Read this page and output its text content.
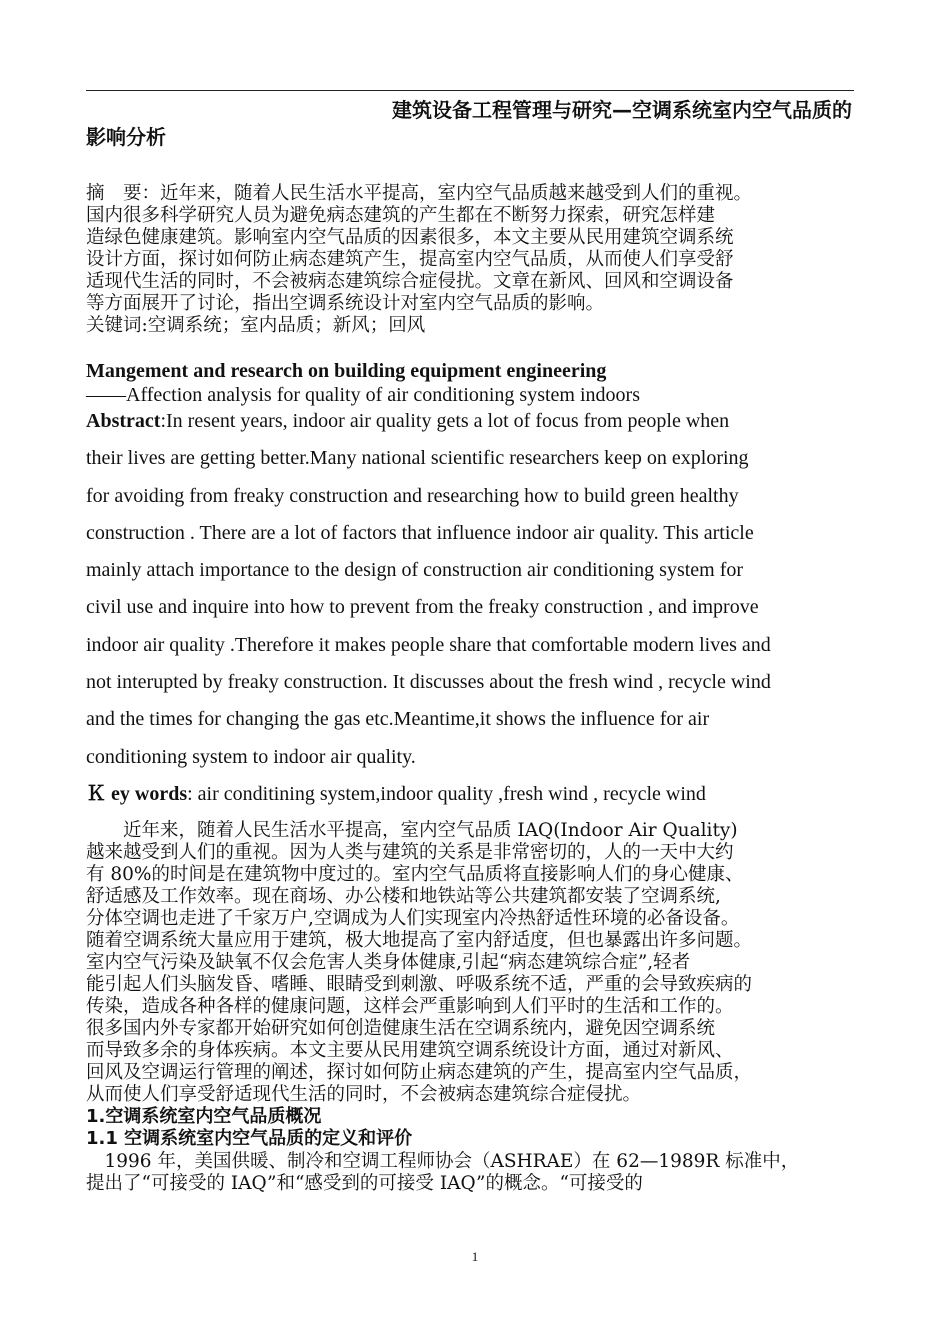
建筑设备工程管理与研究—空调系统室内空气品质的
影响分析
摘　要：近年来，随着人民生活水平提高，室内空气品质越来越受到人们的重视。
国内很多科学研究人员为避免病态建筑的产生都在不断努力探索，研究怎样建
造绿色健康建筑。影响室内空气品质的因素很多，本文主要从民用建筑空调系统
设计方面，探讨如何防止病态建筑产生，提高室内空气品质，从而使人们享受舒
适现代生活的同时，不会被病态建筑综合症侵扰。文章在新风、回风和空调设备
等方面展开了讨论，指出空调系统设计对室内空气品质的影响。
关键词:空调系统；室内品质；新风；回风
Mangement and research on building equipment engineering
——Affection analysis for quality of air conditioning system indoors
Abstract:In resent years, indoor air quality gets a lot of focus from people when
their lives are getting better.Many national scientific researchers keep on exploring
for avoiding from freaky construction and researching how to build green healthy
construction . There are a lot of factors that influence indoor air quality. This article
mainly attach importance to the design of construction air conditioning system for
civil use and inquire into how to prevent from the freaky construction , and improve
indoor air quality .Therefore it makes people share that comfortable modern lives and
not interupted by freaky construction. It discusses about the fresh wind , recycle wind
and the times for changing the gas etc.Meantime,it shows the influence for air
conditioning system to indoor air quality.
Ｋ ey words: air conditining system,indoor quality ,fresh wind , recycle wind
　　近年来，随着人民生活水平提高，室内空气品质 IAQ(Indoor Air Quality)
越来越受到人们的重视。因为人类与建筑的关系是非常密切的，人的一天中大约
有 80%的时间是在建筑物中度过的。室内空气品质将直接影响人们的身心健康、
舒适感及工作效率。现在商场、办公楼和地铁站等公共建筑都安装了空调系统,
分体空调也走进了千家万户,空调成为人们实现室内冷热舒适性环境的必备设备。
随着空调系统大量应用于建筑，极大地提高了室内舒适度，但也暴露出许多问题。
室内空气污染及缺氧不仅会危害人类身体健康,引起“病态建筑综合症”,轻者
能引起人们头脑发昏、嗜睡、眼睛受到刺激、呼吸系统不适，严重的会导致疾病的
传染，造成各种各样的健康问题，这样会严重影响到人们平时的生活和工作的。
很多国内外专家都开始研究如何创造健康生活在空调系统内，避免因空调系统
而导致多余的身体疾病。本文主要从民用建筑空调系统设计方面，通过对新风、
回风及空调运行管理的阐述，探讨如何防止病态建筑的产生，提高室内空气品质，
从而使人们享受舒适现代生活的同时，不会被病态建筑综合症侵扰。
1.空调系统室内空气品质概况
1.1 空调系统室内空气品质的定义和评价
　1996 年，美国供暖、制冷和空调工程师协会（ASHRAE）在 62—1989R 标准中，
提出了“可接受的 IAQ”和“感受到的可接受 IAQ”的概念。“可接受的
1
